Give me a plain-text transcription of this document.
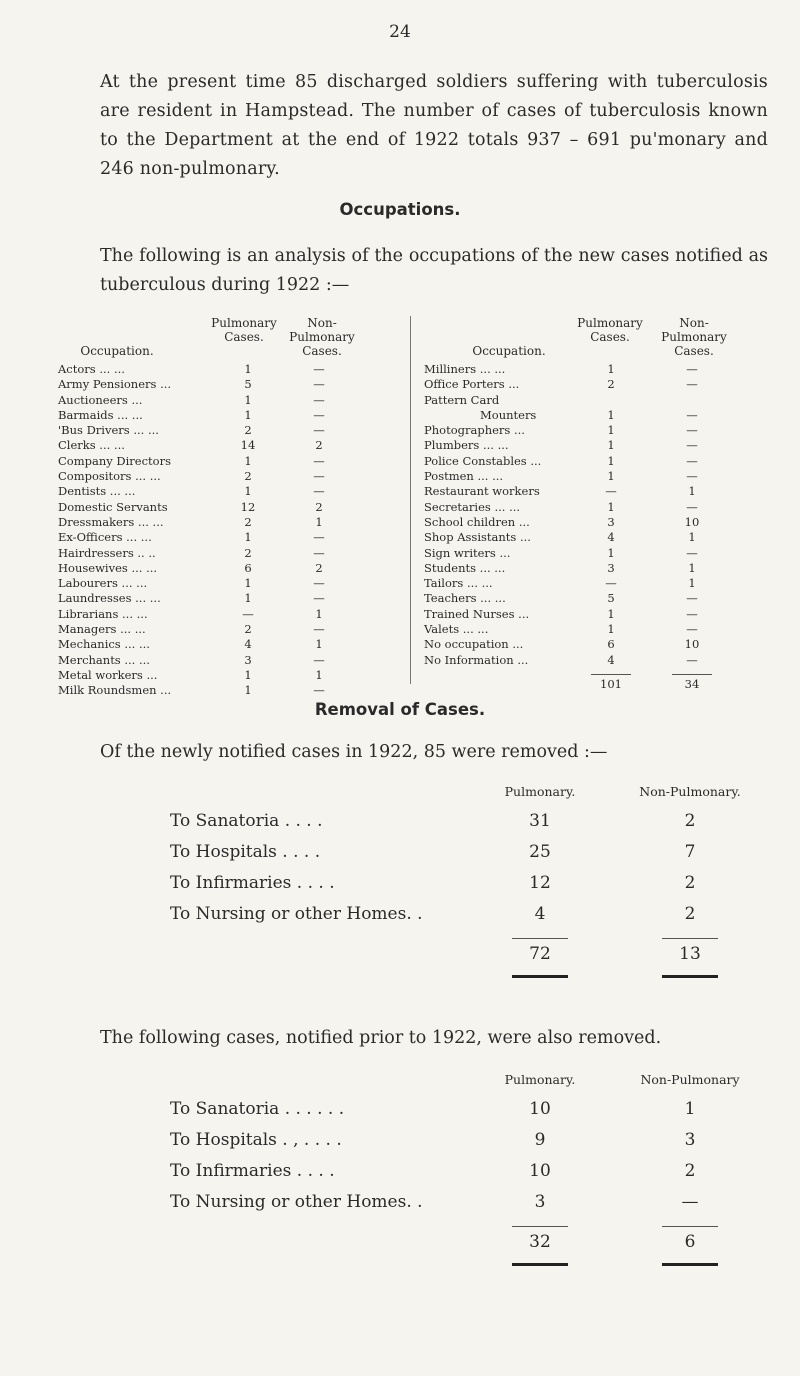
24
At the present time 85 discharged soldiers suffering with tuberculosis are resident in Hampstead. The number of cases of tuberculosis known to the Department at the end of 1922 totals 937 – 691 pu'monary and 246 non-pulmonary.
Occupations.
The following is an analysis of the occupations of the new cases notified as tuberculous during 1922 :—
Occupation.
Pulmonary Cases.
Non-Pulmonary Cases.
Actors ... ...	1	—
Army Pensioners ...	5	—
Auctioneers ...	1	—
Barmaids ... ...	1	—
'Bus Drivers ... ...	2	—
Clerks ... ...	14	2
Company Directors	1	—
Compositors ... ...	2	—
Dentists ... ...	1	—
Domestic Servants	12	2
Dressmakers ... ...	2	1
Ex-Officers ... ...	1	—
Hairdressers .. ..	2	—
Housewives ... ...	6	2
Labourers ... ...	1	—
Laundresses ... ...	1	—
Librarians ... ...	—	1
Managers ... ...	2	—
Mechanics ... ...	4	1
Merchants ... ...	3	—
Metal workers ...	1	1
Milk Roundsmen ...	1	—
Occupation.
Pulmonary Cases.
Non-Pulmonary Cases.
Milliners ... ...	1	—
Office Porters ...	2	—
Pattern Card
Mounters	1	—
Photographers ...	1	—
Plumbers ... ...	1	—
Police Constables ...	1	—
Postmen ... ...	1	—
Restaurant workers	—	1
Secretaries ... ...	1	—
School children ...	3	10
Shop Assistants ...	4	1
Sign writers ...	1	—
Students ... ...	3	1
Tailors ... ...	—	1
Teachers ... ...	5	—
Trained Nurses ...	1	—
Valets ... ...	1	—
No occupation ...	6	10
No Information ...	4	—
101	34
Removal of Cases.
Of the newly notified cases in 1922, 85 were removed :—
Pulmonary.	Non-Pulmonary.
To Sanatoria . . . .	31	2
To Hospitals . . . .	25	7
To Infirmaries . . . .	12	2
To Nursing or other Homes. .	4	2
72	13
The following cases, notified prior to 1922, were also removed.
Pulmonary.	Non-Pulmonary
To Sanatoria . . . . . .	10	1
To Hospitals . , . . . .	9	3
To Infirmaries . . . .	10	2
To Nursing or other Homes. .	3	—
32	6
